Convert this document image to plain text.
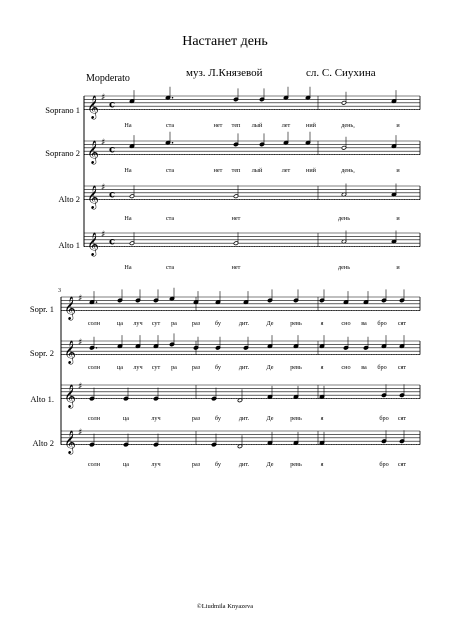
Настанет день
Mopderato	муз. Л.Князевой	сл. С. Сиухина
Soprano 1
Soprano 2
Alto 2
Alto 1
Sopr. 1
Sopr. 2
Alto 1.
Alto 2
©Liudmila Knyazeva
𝄞 ♯
c
𝄞 ♯
c
𝄞 ♯
c
𝄞 ♯
c
На	ста	нет теп лый	лет	ний	день,	и
На	ста	нет теп лый	лет	ний	день,	и
На	ста	нет	день	и
На	ста	нет	день	и
𝄞 ♯
𝄞 ♯
𝄞 ♯
𝄞 ♯
3
солн	ца луч сут ра раз бу	дит.	Де	ревь	я	сно ва бро сят
солн	ца луч сут ра раз бу	дит.	Де	ревь	я	сно ва бро сят
солн	ца	луч	раз бу	дит.	Де	ревь	я	бро сят
солн	ца	луч	раз бу	дит.	Де	ревь	я	бро сят
